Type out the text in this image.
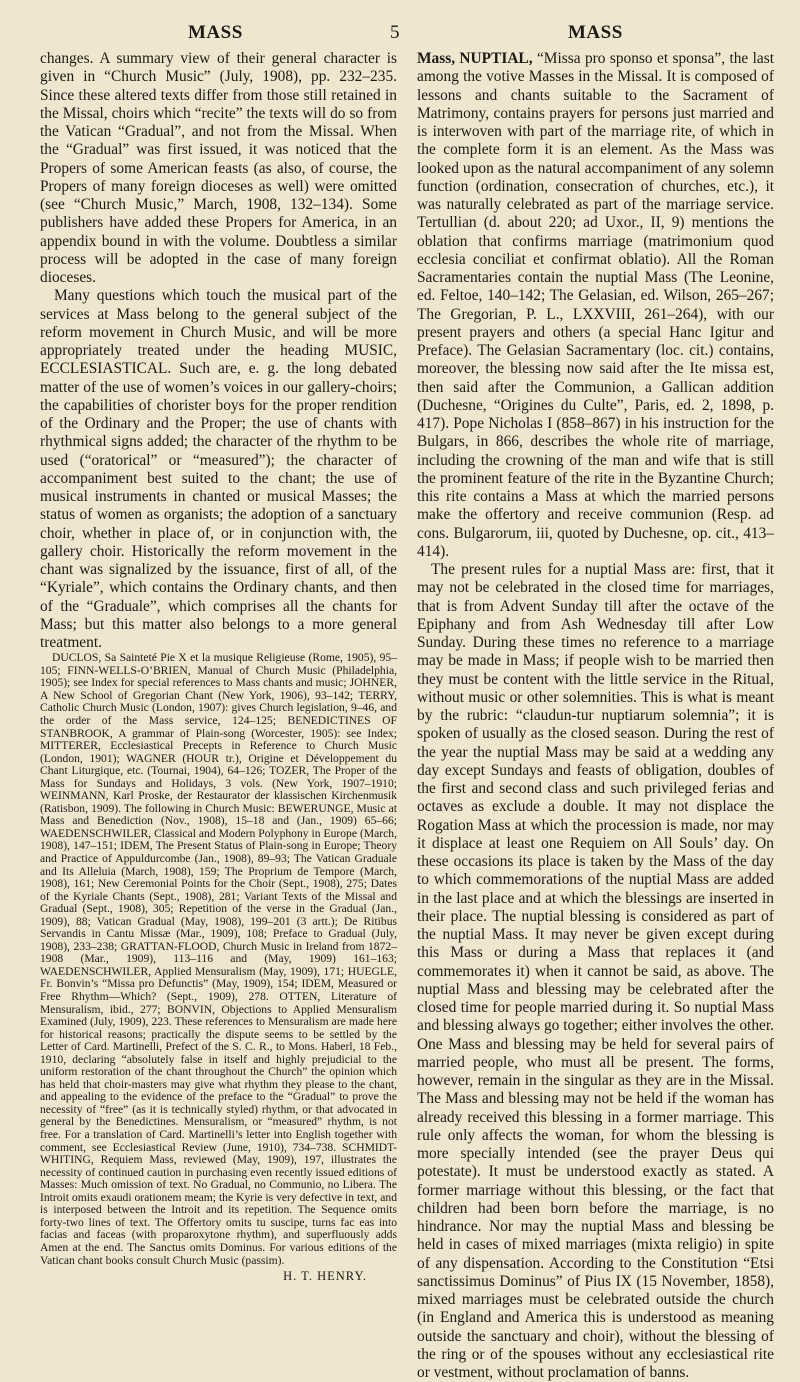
MASS	5	MASS

changes. A summary view of their general character is given in “Church Music” (July, 1908), pp. 232–235. Since these altered texts differ from those still retained in the Missal, choirs which “recite” the texts will do so from the Vatican “Gradual”, and not from the Missal. When the “Gradual” was first issued, it was noticed that the Propers of some American feasts (as also, of course, the Propers of many foreign dioceses as well) were omitted (see “Church Music,” March, 1908, 132–134). Some publishers have added these Propers for America, in an appendix bound in with the volume. Doubtless a similar process will be adopted in the case of many foreign dioceses.

Many questions which touch the musical part of the services at Mass belong to the general subject of the reform movement in Church Music, and will be more appropriately treated under the heading MUSIC, ECCLESIASTICAL. Such are, e. g. the long debated matter of the use of women’s voices in our gallery-choirs; the capabilities of chorister boys for the proper rendition of the Ordinary and the Proper; the use of chants with rhythmical signs added; the character of the rhythm to be used (“oratorical” or “measured”); the character of accompaniment best suited to the chant; the use of musical instruments in chanted or musical Masses; the status of women as organists; the adoption of a sanctuary choir, whether in place of, or in conjunction with, the gallery choir. Historically the reform movement in the chant was signalized by the issuance, first of all, of the “Kyriale”, which contains the Ordinary chants, and then of the “Graduale”, which comprises all the chants for Mass; but this matter also belongs to a more general treatment.

DUCLOS, Sa Sainteté Pie X et la musique Religieuse (Rome, 1905), 95–105; FINN-WELLS-O’BRIEN, Manual of Church Music (Philadelphia, 1905); see Index for special references to Mass chants and music; JOHNER, A New School of Gregorian Chant (New York, 1906), 93–142; TERRY, Catholic Church Music (London, 1907): gives Church legislation, 9–46, and the order of the Mass service, 124–125; BENEDICTINES OF STANBROOK, A grammar of Plain-song (Worcester, 1905): see Index; MITTERER, Ecclesiastical Precepts in Reference to Church Music (London, 1901); WAGNER (HOUR tr.), Origine et Développement du Chant Liturgique, etc. (Tournai, 1904), 64–126; TOZER, The Proper of the Mass for Sundays and Holidays, 3 vols. (New York, 1907–1910; WEINMANN, Karl Proske, der Restaurator der klassischen Kirchenmusik (Ratisbon, 1909). The following in Church Music: BEWERUNGE, Music at Mass and Benediction (Nov., 1908), 15–18 and (Jan., 1909) 65–66; WAEDENSCHWILER, Classical and Modern Polyphony in Europe (March, 1908), 147–151; IDEM, The Present Status of Plain-song in Europe; Theory and Practice of Appuldurcombe (Jan., 1908), 89–93; The Vatican Graduale and Its Alleluia (March, 1908), 159; The Proprium de Tempore (March, 1908), 161; New Ceremonial Points for the Choir (Sept., 1908), 275; Dates of the Kyriale Chants (Sept., 1908), 281; Variant Texts of the Missal and Gradual (Sept., 1908), 305; Repetition of the verse in the Gradual (Jan., 1909), 88; Vatican Gradual (May, 1908), 199–201 (3 artt.); De Ritibus Servandis in Cantu Missæ (Mar., 1909), 108; Preface to Gradual (July, 1908), 233–238; GRATTAN-FLOOD, Church Music in Ireland from 1872–1908 (Mar., 1909), 113–116 and (May, 1909) 161–163; WAEDENSCHWILER, Applied Mensuralism (May, 1909), 171; HUEGLE, Fr. Bonvin’s “Missa pro Defunctis” (May, 1909), 154; IDEM, Measured or Free Rhythm—Which? (Sept., 1909), 278. OTTEN, Literature of Mensuralism, ibid., 277; BONVIN, Objections to Applied Mensuralism Examined (July, 1909), 223. These references to Mensuralism are made here for historical reasons; practically the dispute seems to be settled by the Letter of Card. Martinelli, Prefect of the S. C. R., to Mons. Haberl, 18 Feb., 1910, declaring “absolutely false in itself and highly prejudicial to the uniform restoration of the chant throughout the Church” the opinion which has held that choir-masters may give what rhythm they please to the chant, and appealing to the evidence of the preface to the “Gradual” to prove the necessity of “free” (as it is technically styled) rhythm, or that advocated in general by the Benedictines. Mensuralism, or “measured” rhythm, is not free. For a translation of Card. Martinelli’s letter into English together with comment, see Ecclesiastical Review (June, 1910), 734–738. SCHMIDT-WHITING, Requiem Mass, reviewed (May, 1909), 197, illustrates the necessity of continued caution in purchasing even recently issued editions of Masses: Much omission of text. No Gradual, no Communio, no Libera. The Introit omits exaudi orationem meam; the Kyrie is very defective in text, and is interposed between the Introit and its repetition. The Sequence omits forty-two lines of text. The Offertory omits tu suscipe, turns fac eas into facias and faceas (with proparoxytone rhythm), and superfluously adds Amen at the end. The Sanctus omits Dominus. For various editions of the Vatican chant books consult Church Music (passim).

H. T. HENRY.

Mass, NUPTIAL, “Missa pro sponso et sponsa”, the last among the votive Masses in the Missal. It is composed of lessons and chants suitable to the Sacrament of Matrimony, contains prayers for persons just married and is interwoven with part of the marriage rite, of which in the complete form it is an element. As the Mass was looked upon as the natural accompaniment of any solemn function (ordination, consecration of churches, etc.), it was naturally celebrated as part of the marriage service. Tertullian (d. about 220; ad Uxor., II, 9) mentions the oblation that confirms marriage (matrimonium quod ecclesia conciliat et confirmat oblatio). All the Roman Sacramentaries contain the nuptial Mass (The Leonine, ed. Feltoe, 140–142; The Gelasian, ed. Wilson, 265–267; The Gregorian, P. L., LXXVIII, 261–264), with our present prayers and others (a special Hanc Igitur and Preface). The Gelasian Sacramentary (loc. cit.) contains, moreover, the blessing now said after the Ite missa est, then said after the Communion, a Gallican addition (Duchesne, “Origines du Culte”, Paris, ed. 2, 1898, p. 417). Pope Nicholas I (858–867) in his instruction for the Bulgars, in 866, describes the whole rite of marriage, including the crowning of the man and wife that is still the prominent feature of the rite in the Byzantine Church; this rite contains a Mass at which the married persons make the offertory and receive communion (Resp. ad cons. Bulgarorum, iii, quoted by Duchesne, op. cit., 413–414).

The present rules for a nuptial Mass are: first, that it may not be celebrated in the closed time for marriages, that is from Advent Sunday till after the octave of the Epiphany and from Ash Wednesday till after Low Sunday. During these times no reference to a marriage may be made in Mass; if people wish to be married then they must be content with the little service in the Ritual, without music or other solemnities. This is what is meant by the rubric: “claudun-tur nuptiarum solemnia”; it is spoken of usually as the closed season. During the rest of the year the nuptial Mass may be said at a wedding any day except Sundays and feasts of obligation, doubles of the first and second class and such privileged ferias and octaves as exclude a double. It may not displace the Rogation Mass at which the procession is made, nor may it displace at least one Requiem on All Souls’ day. On these occasions its place is taken by the Mass of the day to which commemorations of the nuptial Mass are added in the last place and at which the blessings are inserted in their place. The nuptial blessing is considered as part of the nuptial Mass. It may never be given except during this Mass or during a Mass that replaces it (and commemorates it) when it cannot be said, as above. The nuptial Mass and blessing may be celebrated after the closed time for people married during it. So nuptial Mass and blessing always go together; either involves the other. One Mass and blessing may be held for several pairs of married people, who must all be present. The forms, however, remain in the singular as they are in the Missal. The Mass and blessing may not be held if the woman has already received this blessing in a former marriage. This rule only affects the woman, for whom the blessing is more specially intended (see the prayer Deus qui potestate). It must be understood exactly as stated. A former marriage without this blessing, or the fact that children had been born before the marriage, is no hindrance. Nor may the nuptial Mass and blessing be held in cases of mixed marriages (mixta religio) in spite of any dispensation. According to the Constitution “Etsi sanctissimus Dominus” of Pius IX (15 November, 1858), mixed marriages must be celebrated outside the church (in England and America this is understood as meaning outside the sanctuary and choir), without the blessing of the ring or of the spouses without any ecclesiastical rite or vestment, without proclamation of banns.
